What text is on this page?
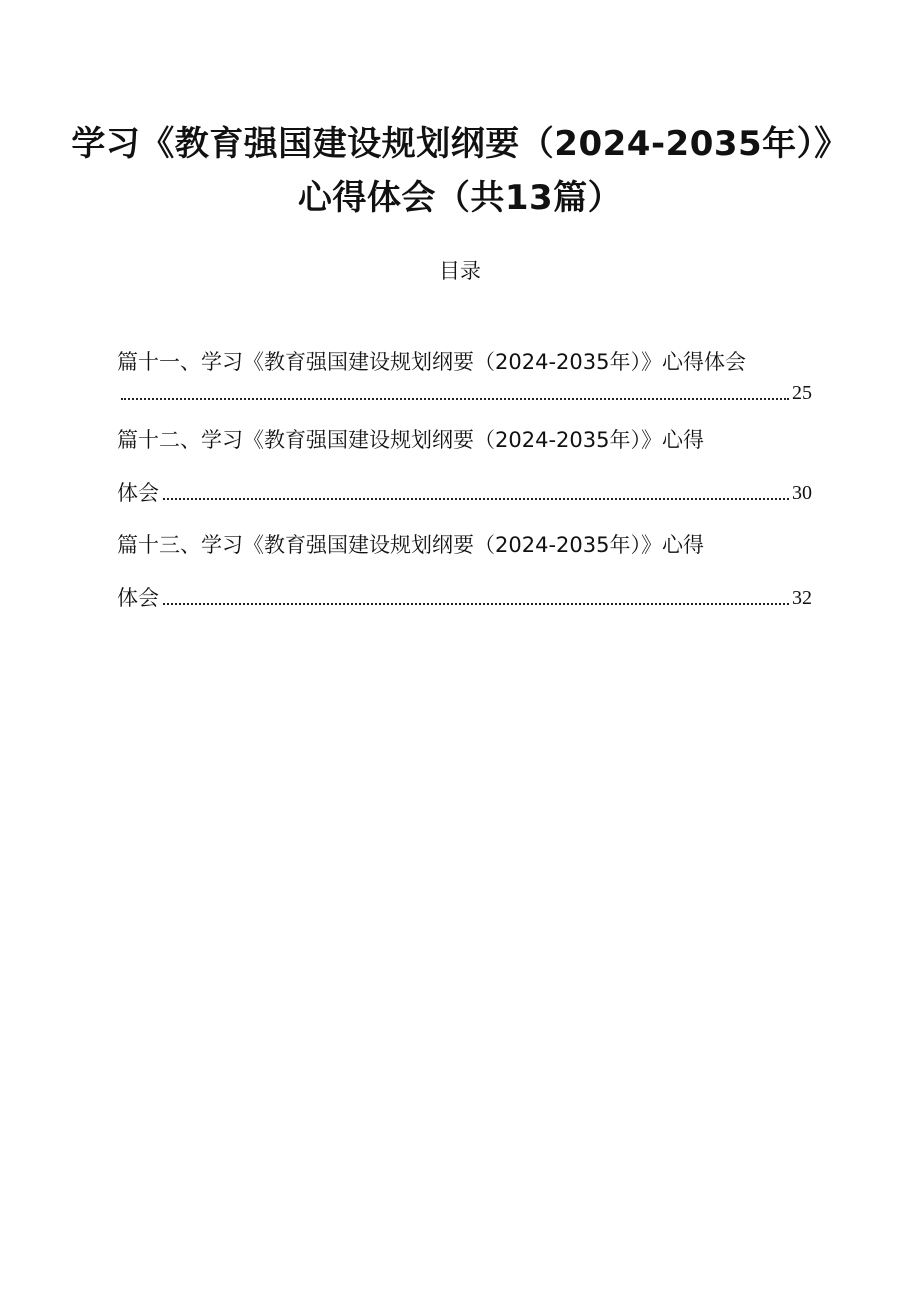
学习《教育强国建设规划纲要（2024-2035年）》
心得体会（共13篇）
目录
篇十一、学习《教育强国建设规划纲要（2024-2035年）》心得体会
25
篇十二、学习《教育强国建设规划纲要（2024-2035年）》心得
体会	30
篇十三、学习《教育强国建设规划纲要（2024-2035年）》心得
体会	32
